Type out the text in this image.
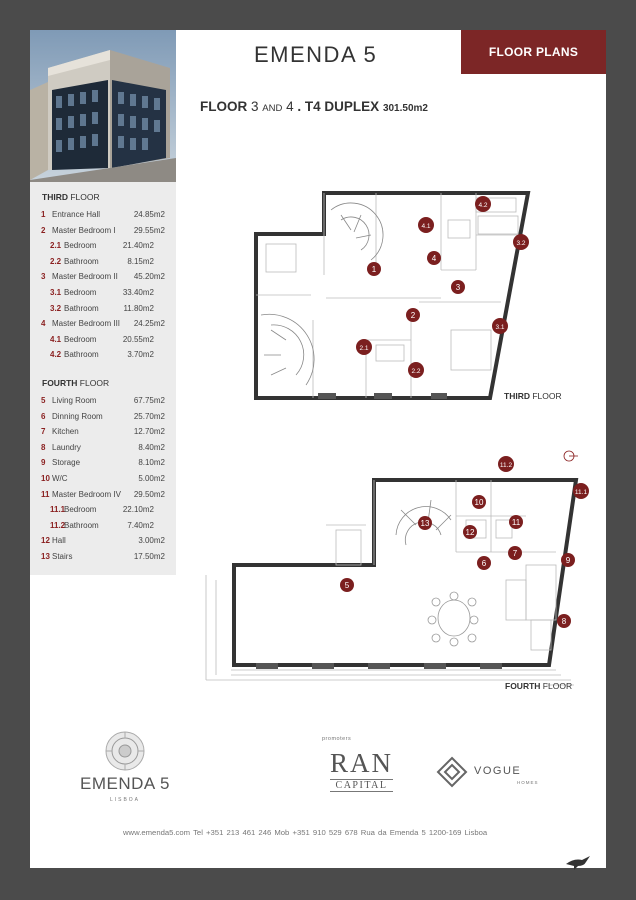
THIRD FLOOR
1 Entrance Hall	24.85m2
2 Master Bedroom I 29.55m2
2.1 Bedroom	21.40m2
2.2 Bathroom	8.15m2
3 Master Bedroom II 45.20m2
3.1 Bedroom	33.40m2
3.2 Bathroom	11.80m2
4 Master Bedroom III 24.25m2
4.1 Bedroom	20.55m2
4.2 Bathroom	3.70m2
FOURTH FLOOR
5 Living Room	67.75m2
6 Dinning Room	25.70m2
7 Kitchen	12.70m2
8 Laundry	8.40m2
9 Storage	8.10m2
10 W/C	5.00m2
11 Master Bedroom IV 29.50m2
11.1
Bedroom	22.10m2
11.2
Bathroom	7.40m2
12 Hall	3.00m2
13 Stairs	17.50m2
EMENDA 5	FLOOR PLANS
FLOOR 3 AND 4 . T4 DUPLEX 301.50m2
1
2
2.1
2.2
3
3.1
3.2
4
4.1
4.2
5
6
7
8
9
10
11
11.1
11.2
12
13
THIRD FLOOR
FOURTH FLOOR
EMENDA 5
LISBOA
promoters
RAN
CAPITAL
VOGUE
HOMES
www.emenda5.com Tel +351 213 461 246 Mob +351 910 529 678 Rua da Emenda 5 1200-169 Lisboa
